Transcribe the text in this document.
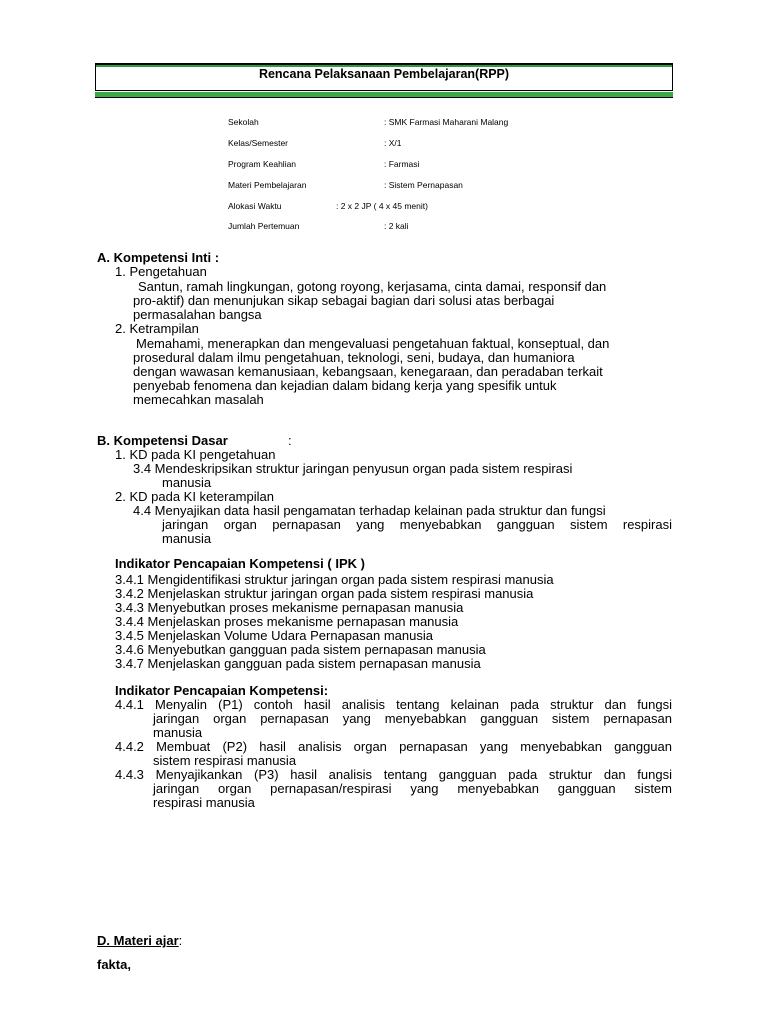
Rencana Pelaksanaan Pembelajaran(RPP)
Sekolah	: SMK Farmasi Maharani Malang
Kelas/Semester	: X/1
Program Keahlian	: Farmasi
Materi Pembelajaran	: Sistem Pernapasan
Alokasi Waktu	: 2 x 2 JP ( 4 x 45 menit)
Jumlah Pertemuan	: 2 kali
A. Kompetensi Inti :
1. Pengetahuan
Santun, ramah lingkungan, gotong royong, kerjasama, cinta damai, responsif dan
pro-aktif) dan menunjukan sikap sebagai bagian dari solusi atas berbagai
permasalahan bangsa
2. Ketrampilan
Memahami, menerapkan dan mengevaluasi pengetahuan faktual, konseptual, dan
prosedural dalam ilmu pengetahuan, teknologi, seni, budaya, dan humaniora
dengan wawasan kemanusiaan, kebangsaan, kenegaraan, dan peradaban terkait
penyebab fenomena dan kejadian dalam bidang kerja yang spesifik untuk
memecahkan masalah
B. Kompetensi Dasar	:
1. KD pada KI pengetahuan
3.4 Mendeskripsikan struktur jaringan penyusun organ pada sistem respirasi
manusia
2. KD pada KI keterampilan
4.4 Menyajikan data hasil pengamatan terhadap kelainan pada struktur dan fungsi
jaringan organ pernapasan yang menyebabkan gangguan sistem respirasi
manusia
Indikator Pencapaian Kompetensi ( IPK )
3.4.1 Mengidentifikasi struktur jaringan organ pada sistem respirasi manusia
3.4.2 Menjelaskan struktur jaringan organ pada sistem respirasi manusia
3.4.3 Menyebutkan proses mekanisme pernapasan manusia
3.4.4 Menjelaskan proses mekanisme pernapasan manusia
3.4.5 Menjelaskan Volume Udara Pernapasan manusia
3.4.6 Menyebutkan gangguan pada sistem pernapasan manusia
3.4.7 Menjelaskan gangguan pada sistem pernapasan manusia
Indikator Pencapaian Kompetensi:
4.4.1 Menyalin (P1) contoh hasil analisis tentang kelainan pada struktur dan fungsi
jaringan organ pernapasan yang menyebabkan gangguan sistem pernapasan
manusia
4.4.2 Membuat (P2) hasil analisis organ pernapasan yang menyebabkan gangguan
sistem respirasi manusia
4.4.3 Menyajikankan (P3) hasil analisis tentang gangguan pada struktur dan fungsi
jaringan organ pernapasan/respirasi yang menyebabkan gangguan sistem
respirasi manusia
D. Materi ajar:
fakta,
